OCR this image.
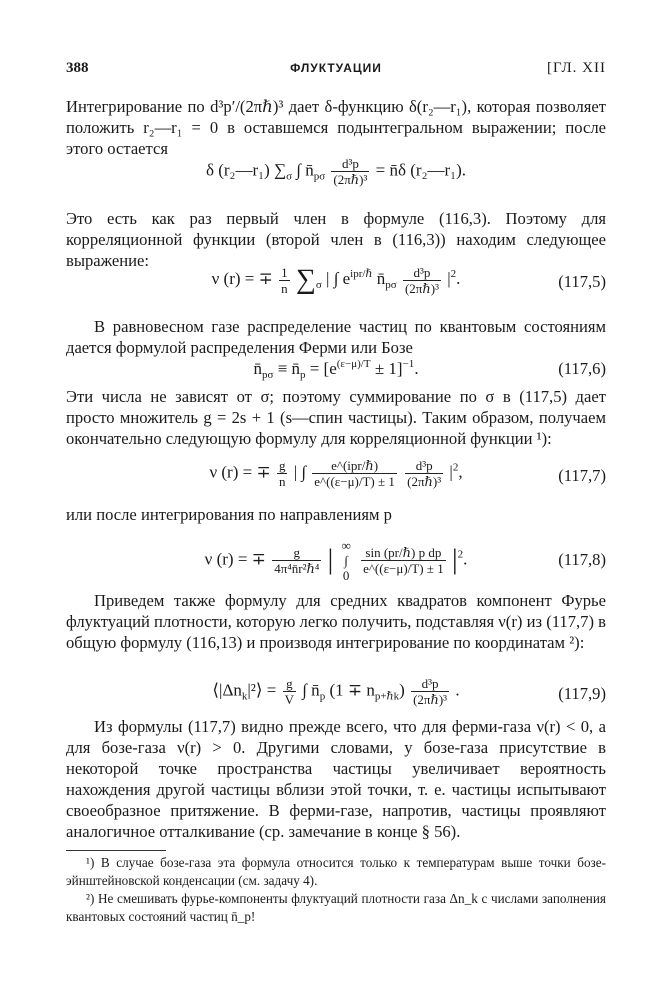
388	ФЛУКТУАЦИИ	[ГЛ. XII
Интегрирование по d³p′/(2πℏ)³ дает δ-функцию δ(r₂—r₁), которая позволяет положить r₂—r₁ = 0 в оставшемся подынтегральном выражении; после этого остается
δ (r₂—r₁) $\sum_\sigma$ ∫ $n̄_{p\sigma} \frac{\text{d³p}}{\text{(2πℏ)³}}$ = n̄δ (r₂—r₁).
Это есть как раз первый член в формуле (116,3). Поэтому для корреляционной функции (второй член в (116,3)) находим следующее выражение:
ν (r) = ∓ $\frac{1}{n} \sum_\sigma$ | ∫ $e^{ipr/\hbar}$ $n̄_{p\sigma} \frac{\text{d³p}}{\text{(2πℏ)³}} |^2$.	(117,5)
В равновесном газе распределение частиц по квантовым состояниям дается формулой распределения Ферми или Бозе
$n̄_{p\sigma}$ ≡ $n̄_p = [e^{(\varepsilon-\mu)/T} \pm 1]^{-1}$.	(117,6)
Эти числа не зависят от σ; поэтому суммирование по σ в (117,5) дает просто множитель g = 2s + 1 (s—спин частицы). Таким образом, получаем окончательно следующую формулу для корреляционной функции ¹):
ν (r) = ∓ $\frac{g}{n}$ | ∫ $\frac{\text{e\textasciicircum{}(ipr/ℏ)}}{e\^{}((\varepsilon-\mu)/T) \pm 1}$
$\frac{\text{d³p}}{\text{(2πℏ)³}} |^2$,	(117,7)
или после интегрирования по направлениям p
ν (r) = ∓ $\frac{g}{\text{4π⁴n̄r²ℏ⁴}}$ | ∞
∫
0
$\frac{\text{sin (pr/ℏ) p dp}}{e\^{}((\varepsilon-\mu)/T) \pm 1} |^2$.	(117,8)
Приведем также формулу для средних квадратов компонент Фурье флуктуаций плотности, которую легко получить, подставляя ν(r) из (117,7) в общую формулу (116,13) и производя интегрирование по координатам ²):
$⟨|\Delta n_k|^2⟩ = \frac{g}{V}$ ∫ $n̄_p$ $(1 \mp n_{p+\hbar k}) \frac{\text{d³p}}{\text{(2πℏ)³}}$ .	(117,9)
Из формулы (117,7) видно прежде всего, что для ферми-газа ν(r) < 0, а для бозе-газа ν(r) > 0. Другими словами, у бозе-газа присутствие в некоторой точке пространства частицы увеличивает вероятность нахождения другой частицы вблизи этой точки, т. е. частицы испытывают своеобразное притяжение. В ферми-газе, напротив, частицы проявляют аналогичное отталкивание (ср. замечание в конце § 56).
¹) В случае бозе-газа эта формула относится только к температурам выше точки бозе-эйнштейновской конденсации (см. задачу 4).
²) Не смешивать фурье-компоненты флуктуаций плотности газа Δn_k с числами заполнения квантовых состояний частиц n̄_p!
